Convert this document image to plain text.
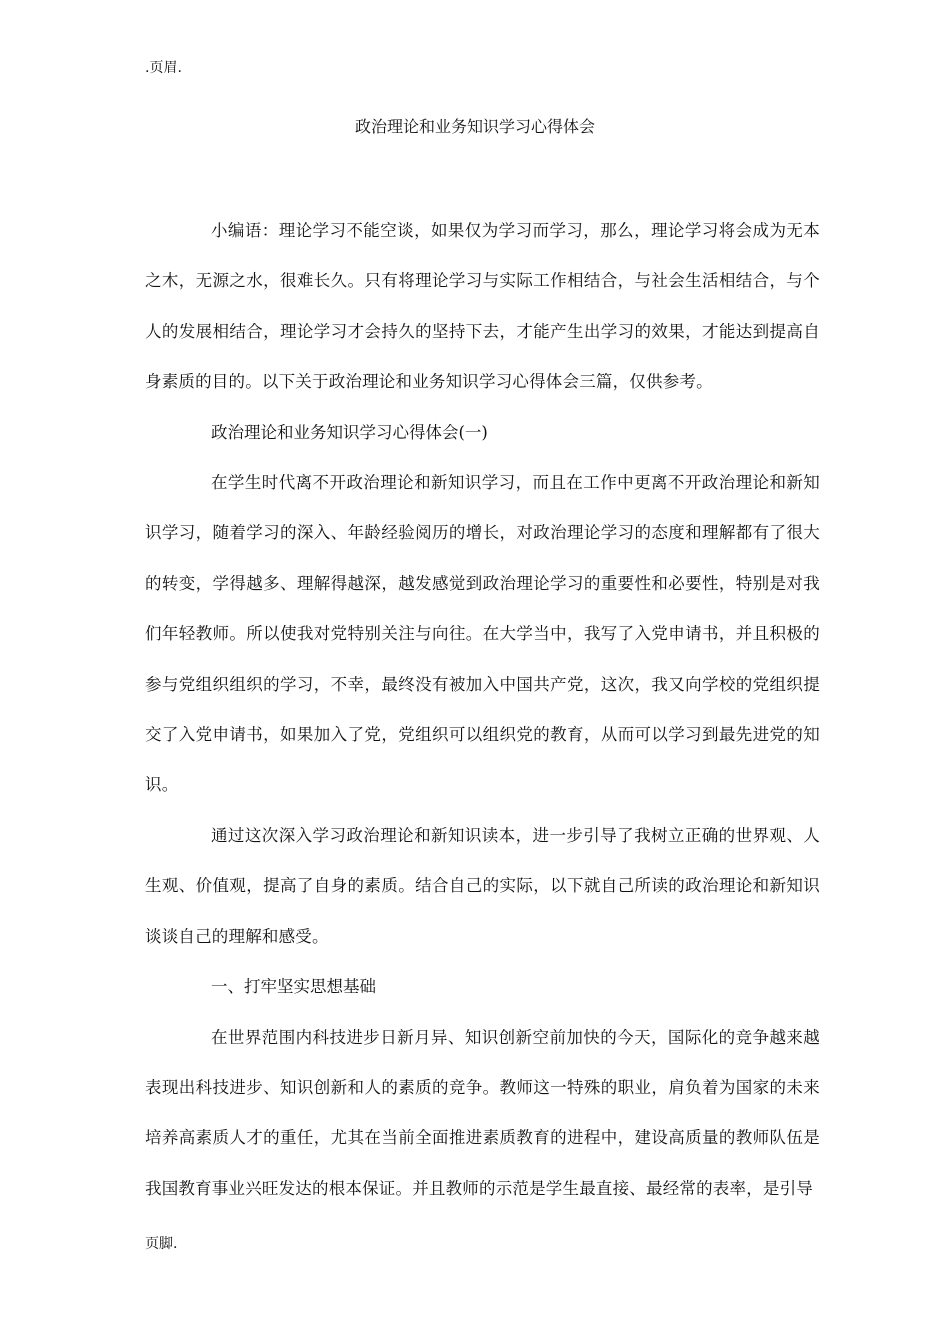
.页眉.
政治理论和业务知识学习心得体会

小编语：理论学习不能空谈，如果仅为学习而学习，那么，理论学习将会成为无本之木，无源之水，很难长久。只有将理论学习与实际工作相结合，与社会生活相结合，与个人的发展相结合，理论学习才会持久的坚持下去，才能产生出学习的效果，才能达到提高自身素质的目的。以下关于政治理论和业务知识学习心得体会三篇，仅供参考。

政治理论和业务知识学习心得体会(一)

在学生时代离不开政治理论和新知识学习，而且在工作中更离不开政治理论和新知识学习，随着学习的深入、年龄经验阅历的增长，对政治理论学习的态度和理解都有了很大的转变，学得越多、理解得越深，越发感觉到政治理论学习的重要性和必要性，特别是对我们年轻教师。所以使我对党特别关注与向往。在大学当中，我写了入党申请书，并且积极的参与党组织组织的学习，不幸，最终没有被加入中国共产党，这次，我又向学校的党组织提交了入党申请书，如果加入了党，党组织可以组织党的教育，从而可以学习到最先进党的知识。

通过这次深入学习政治理论和新知识读本，进一步引导了我树立正确的世界观、人生观、价值观，提高了自身的素质。结合自己的实际，以下就自己所读的政治理论和新知识谈谈自己的理解和感受。

一、打牢坚实思想基础

在世界范围内科技进步日新月异、知识创新空前加快的今天，国际化的竞争越来越表现出科技进步、知识创新和人的素质的竞争。教师这一特殊的职业，肩负着为国家的未来培养高素质人才的重任，尤其在当前全面推进素质教育的进程中，建设高质量的教师队伍是我国教育事业兴旺发达的根本保证。并且教师的示范是学生最直接、最经常的表率，是引导

页脚.
